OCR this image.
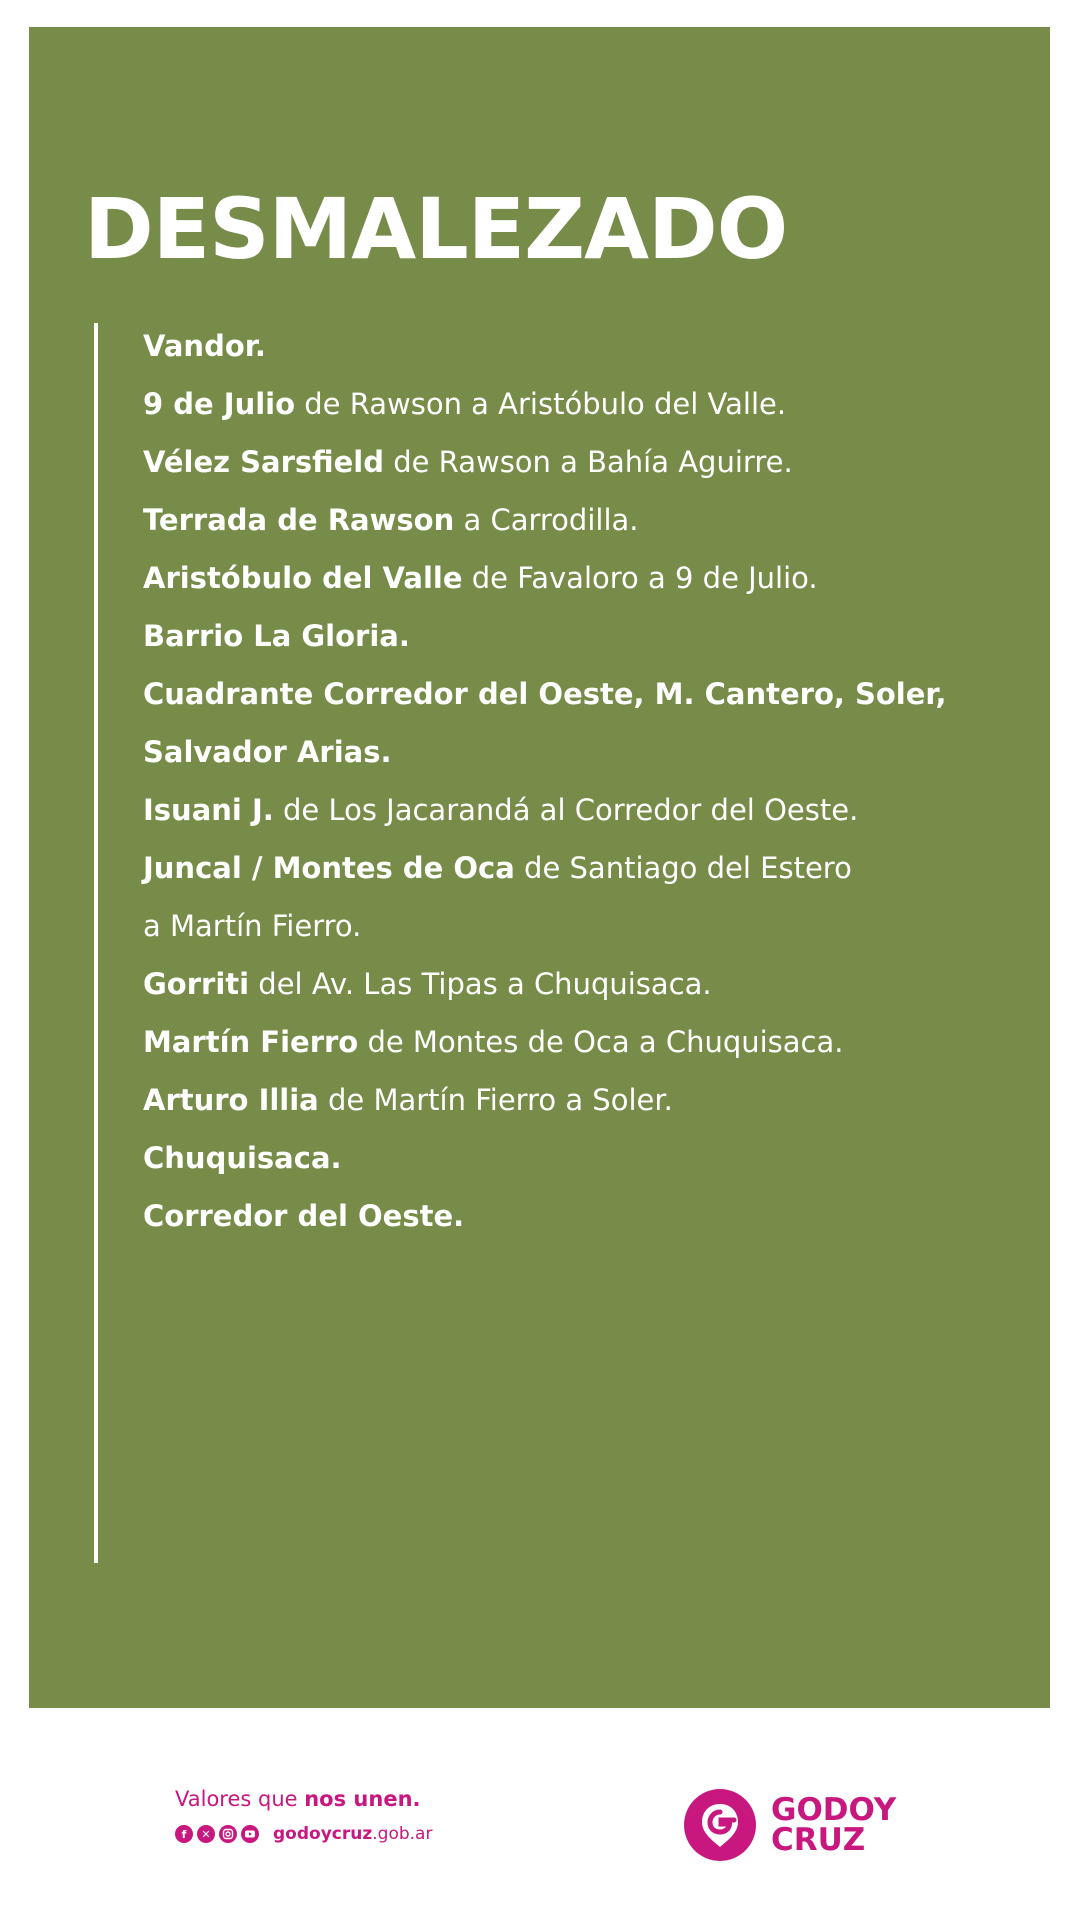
DESMALEZADO
Vandor.
9 de Julio de Rawson a Aristóbulo del Valle.
Vélez Sarsfield de Rawson a Bahía Aguirre.
Terrada de Rawson a Carrodilla.
Aristóbulo del Valle de Favaloro a 9 de Julio.
Barrio La Gloria.
Cuadrante Corredor del Oeste, M. Cantero, Soler,
Salvador Arias.
Isuani J. de Los Jacarandá al Corredor del Oeste.
Juncal / Montes de Oca de Santiago del Estero
a Martín Fierro.
Gorriti del Av. Las Tipas a Chuquisaca.
Martín Fierro de Montes de Oca a Chuquisaca.
Arturo Illia de Martín Fierro a Soler.
Chuquisaca.
Corredor del Oeste.
Valores que nos unen.
f	✕	godoycruz.gob.ar
GODOY
CRUZ
